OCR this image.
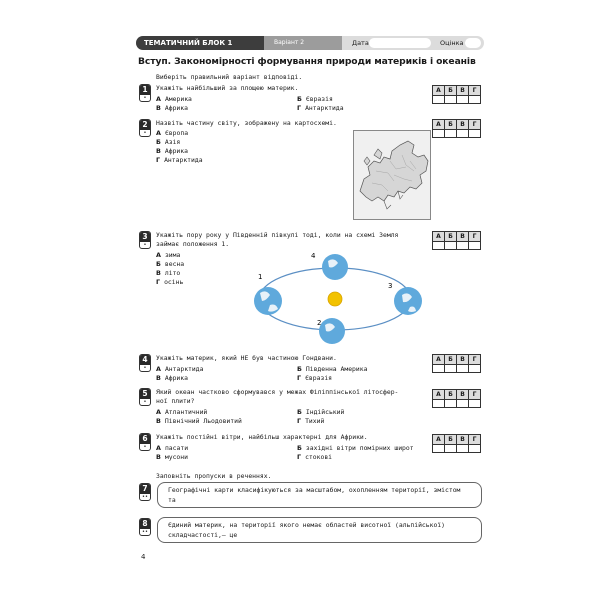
ТЕМАТИЧНИЙ БЛОК 1	Варіант 2	Дата	Оцінка
Вступ. Закономірності формування природи материків і океанів
Виберіть правильний варіант відповіді.
1
•
Укажіть найбільший за площею материк.
А Америка	Б Євразія
В Африка	Г Антарктида
А	Б	В	Г

2
•
Назвіть частину світу, зображену на картосхемі.
А Європа
Б Азія
В Африка
Г Антарктида
А	Б	В	Г

3
•
Укажіть пору року у Південній півкулі тоді, коли на схемі Земля
займає положення 1.
А зима
Б весна
В літо
Г осінь
А	Б	В	Г

1
2
3
4
4
•
Укажіть материк, який НЕ був частиною Гондвани.
А Антарктида	Б Південна Америка
В Африка	Г Євразія
А	Б	В	Г

5
•
Який океан частково сформувався у межах Філіппінської літосфер-
ної плити?
А Атлантичний	Б Індійський
В Північний Льодовитий	Г Тихий
А	Б	В	Г

6
•
Укажіть постійні вітри, найбільш характерні для Африки.
А пасати	Б західні вітри помірних широт
В мусони	Г стокові
А	Б	В	Г

Заповніть пропуски в реченнях.
7
••
Географічні карти класифікуються за масштабом, охопленням території, змістом
та
8
••
Єдиний материк, на території якого немає областей висотної (альпійської)
складчастості,— це
4
